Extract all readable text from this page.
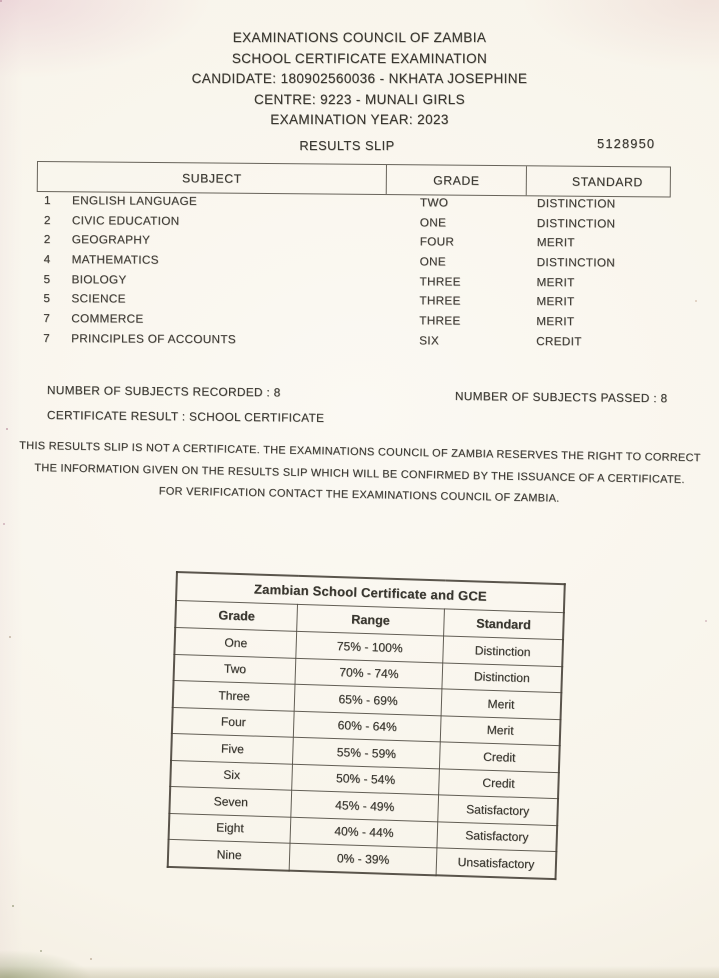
EXAMINATIONS COUNCIL OF ZAMBIA
SCHOOL CERTIFICATE EXAMINATION
CANDIDATE: 180902560036 - NKHATA JOSEPHINE
CENTRE: 9223 - MUNALI GIRLS
EXAMINATION YEAR: 2023
RESULTS SLIP	5128950
SUBJECT	GRADE	STANDARD
1 ENGLISH LANGUAGE	TWO	DISTINCTION
2 CIVIC EDUCATION	ONE	DISTINCTION
2 GEOGRAPHY	FOUR	MERIT
4 MATHEMATICS	ONE	DISTINCTION
5 BIOLOGY	THREE	MERIT
5 SCIENCE	THREE	MERIT
7 COMMERCE	THREE	MERIT
7 PRINCIPLES OF ACCOUNTS	SIX	CREDIT
NUMBER OF SUBJECTS RECORDED : 8	NUMBER OF SUBJECTS PASSED : 8
CERTIFICATE RESULT : SCHOOL CERTIFICATE
THIS RESULTS SLIP IS NOT A CERTIFICATE. THE EXAMINATIONS COUNCIL OF ZAMBIA RESERVES THE RIGHT TO CORRECT
THE INFORMATION GIVEN ON THE RESULTS SLIP WHICH WILL BE CONFIRMED BY THE ISSUANCE OF A CERTIFICATE.
FOR VERIFICATION CONTACT THE EXAMINATIONS COUNCIL OF ZAMBIA.
Zambian School Certificate and GCE		
Grade	Range	Standard
One	75% - 100%	Distinction
Two	70% - 74%	Distinction
Three	65% - 69%	Merit
Four	60% - 64%	Merit
Five	55% - 59%	Credit
Six	50% - 54%	Credit
Seven	45% - 49%	Satisfactory
Eight	40% - 44%	Satisfactory
Nine	0% - 39%	Unsatisfactory
